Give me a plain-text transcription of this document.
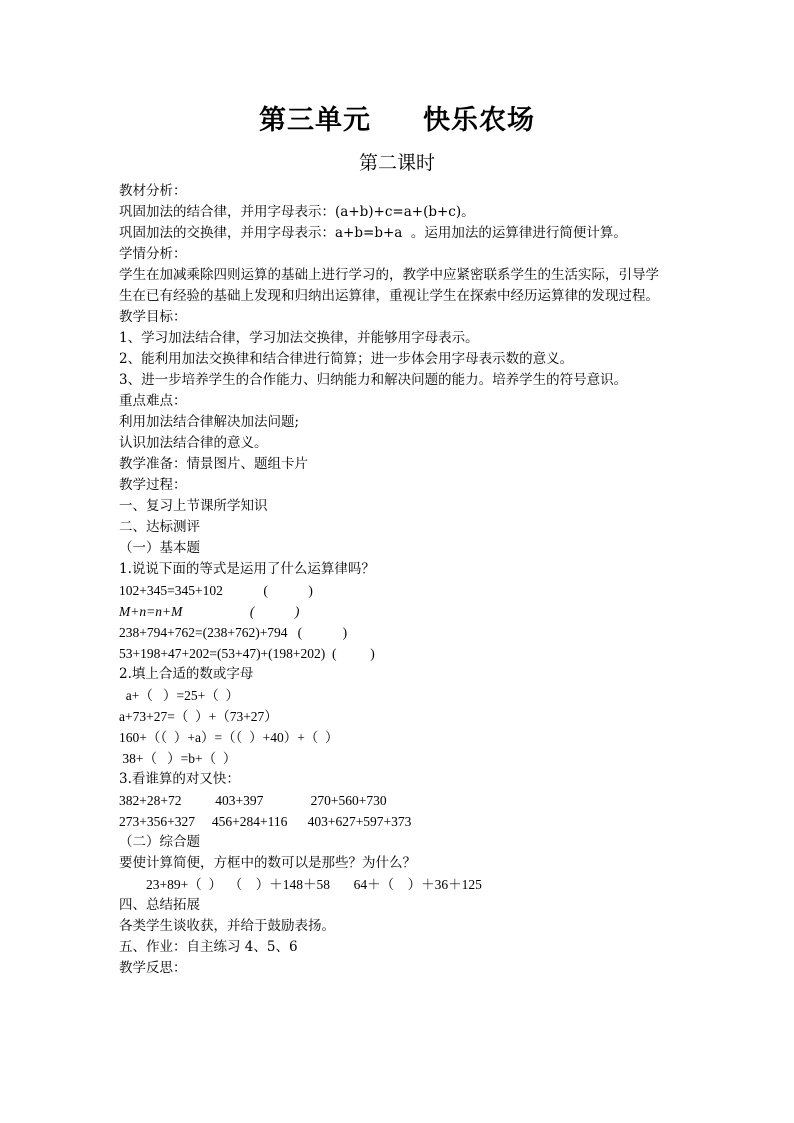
第三单元     快乐农场
第二课时
教材分析：
巩固加法的结合律，并用字母表示：(a+b)+c=a+(b+c)。
巩固加法的交换律，并用字母表示：a+b=b+a  。运用加法的运算律进行简便计算。
学情分析：
学生在加减乘除四则运算的基础上进行学习的，教学中应紧密联系学生的生活实际，引导学
生在已有经验的基础上发现和归纳出运算律，重视让学生在探索中经历运算律的发现过程。
教学目标：
1、学习加法结合律，学习加法交换律，并能够用字母表示。
2、能利用加法交换律和结合律进行简算；进一步体会用字母表示数的意义。
3、进一步培养学生的合作能力、归纳能力和解决问题的能力。培养学生的符号意识。
重点难点：
利用加法结合律解决加法问题;
认识加法结合律的意义。
教学准备：情景图片、题组卡片
教学过程：
一、复习上节课所学知识
二、达标测评
（一）基本题
1.说说下面的等式是运用了什么运算律吗？
102+345=345+102            (            )
M+n=n+M                    (            )
238+794+762=(238+762)+794   (            )
53+198+47+202=(53+47)+(198+202)  (          )
2.填上合适的数或字母
a+（   ）=25+（  ）
a+73+27=（  ）+（73+27）
160+（（  ）+a）=（（  ）+40）+（  ）
38+（   ）=b+（  ）
3.看谁算的对又快：
382+28+72          403+397              270+560+730
273+356+327     456+284+116      403+627+597+373
（二）综合题
要使计算简便，方框中的数可以是那些？为什么？
23+89+（  ）  （    ）＋148＋58       64＋（    ）＋36＋125
四、总结拓展
各类学生谈收获，并给于鼓励表扬。
五、作业：自主练习 4、5、6
教学反思：
